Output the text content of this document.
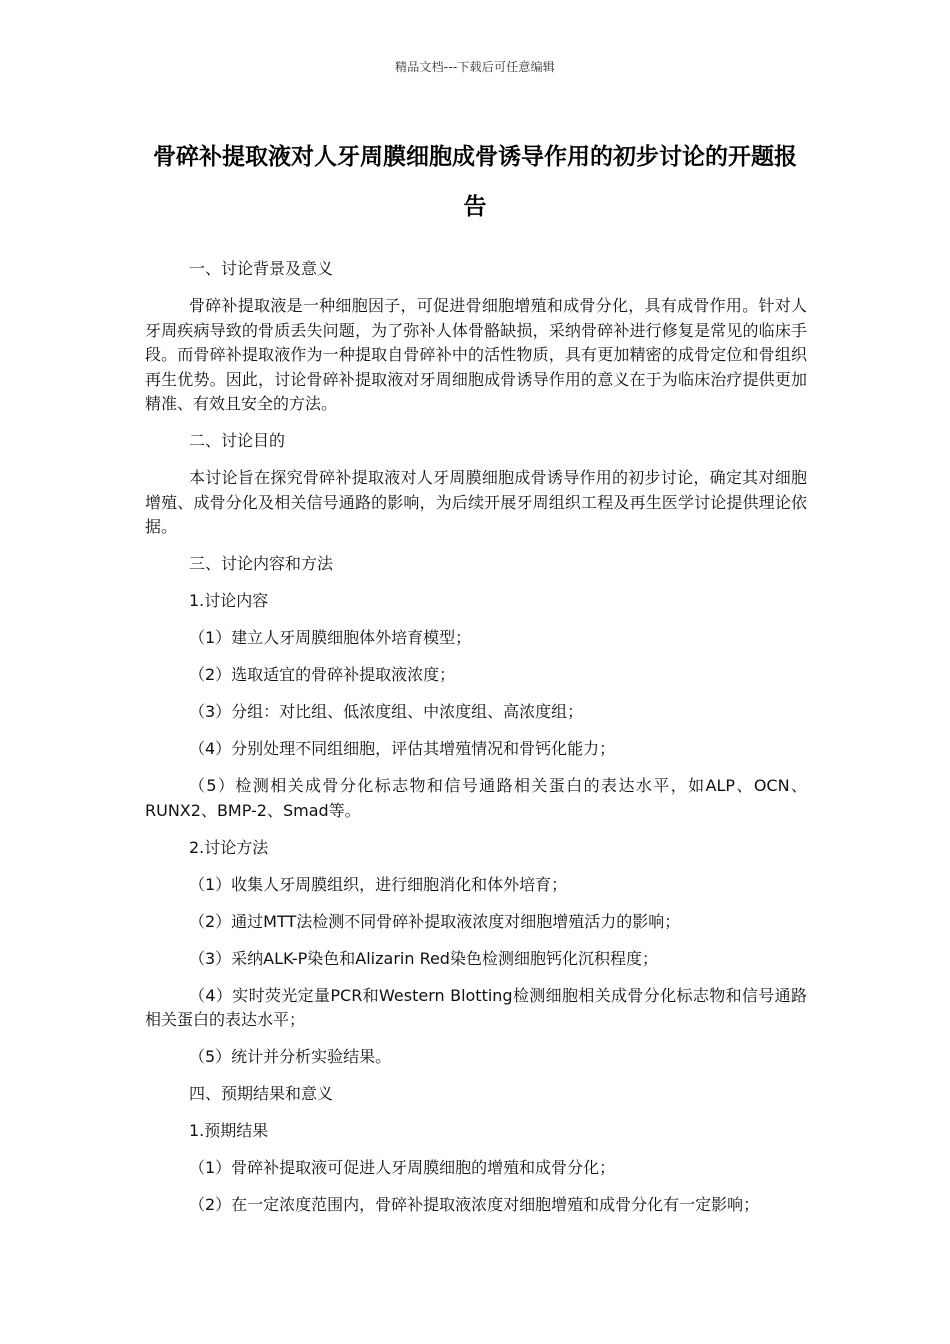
精品文档---下载后可任意编辑
骨碎补提取液对人牙周膜细胞成骨诱导作用的初步讨论的开题报告

一、讨论背景及意义

骨碎补提取液是一种细胞因子，可促进骨细胞增殖和成骨分化，具有成骨作用。针对人牙周疾病导致的骨质丢失问题，为了弥补人体骨骼缺损，采纳骨碎补进行修复是常见的临床手段。而骨碎补提取液作为一种提取自骨碎补中的活性物质，具有更加精密的成骨定位和骨组织再生优势。因此，讨论骨碎补提取液对牙周细胞成骨诱导作用的意义在于为临床治疗提供更加精准、有效且安全的方法。

二、讨论目的

本讨论旨在探究骨碎补提取液对人牙周膜细胞成骨诱导作用的初步讨论，确定其对细胞增殖、成骨分化及相关信号通路的影响，为后续开展牙周组织工程及再生医学讨论提供理论依据。

三、讨论内容和方法

1.讨论内容

（1）建立人牙周膜细胞体外培育模型；

（2）选取适宜的骨碎补提取液浓度；

（3）分组：对比组、低浓度组、中浓度组、高浓度组；

（4）分别处理不同组细胞，评估其增殖情况和骨钙化能力；

（5）检测相关成骨分化标志物和信号通路相关蛋白的表达水平，如ALP、OCN、RUNX2、BMP-2、Smad等。

2.讨论方法

（1）收集人牙周膜组织，进行细胞消化和体外培育；

（2）通过MTT法检测不同骨碎补提取液浓度对细胞增殖活力的影响；

（3）采纳ALK-P染色和Alizarin Red染色检测细胞钙化沉积程度；

（4）实时荧光定量PCR和Western Blotting检测细胞相关成骨分化标志物和信号通路相关蛋白的表达水平；

（5）统计并分析实验结果。

四、预期结果和意义

1.预期结果

（1）骨碎补提取液可促进人牙周膜细胞的增殖和成骨分化；

（2）在一定浓度范围内，骨碎补提取液浓度对细胞增殖和成骨分化有一定影响；
